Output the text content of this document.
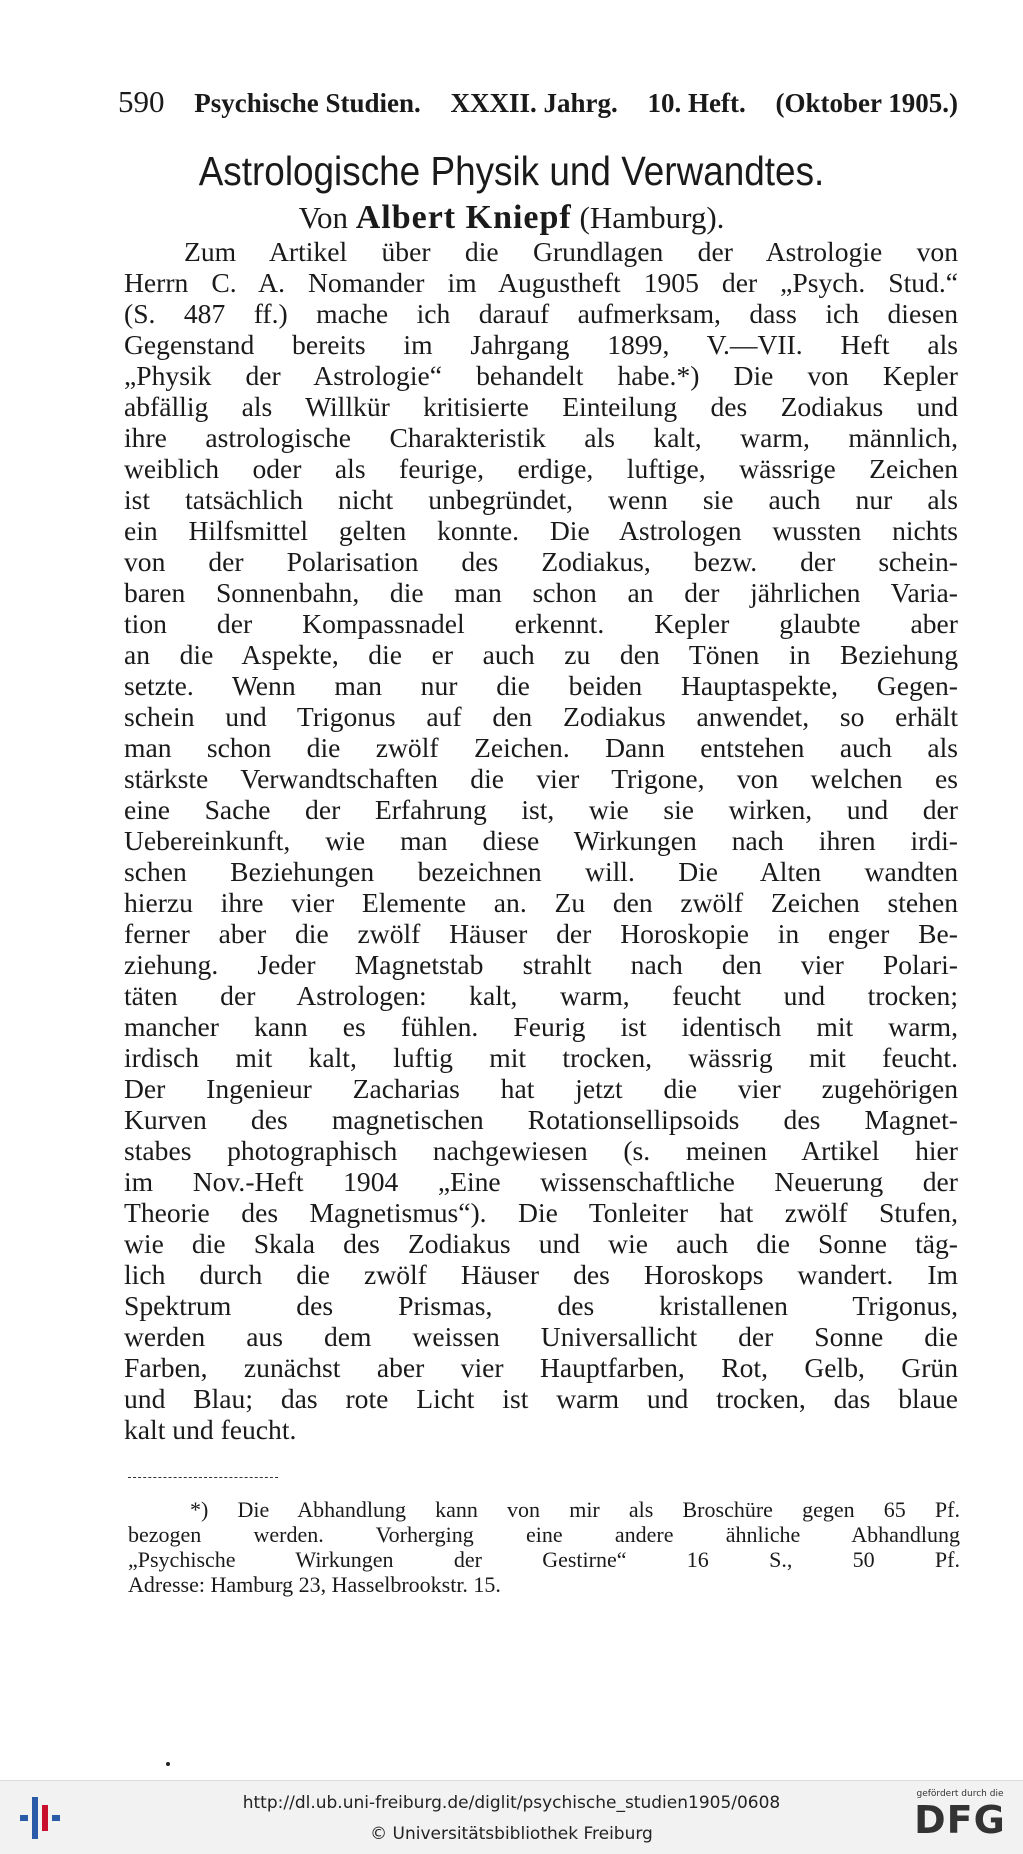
590 Psychische Studien. XXXII. Jahrg. 10. Heft. (Oktober 1905.)
Astrologische Physik und Verwandtes.
Von Albert Kniepf (Hamburg).
Zum Artikel über die Grundlagen der Astrologie von
Herrn C. A. Nomander im Augustheft 1905 der „Psych. Stud.“
(S. 487 ff.) mache ich darauf aufmerksam, dass ich diesen
Gegenstand bereits im Jahrgang 1899, V.—VII. Heft als
„Physik der Astrologie“ behandelt habe.*) Die von Kepler
abfällig als Willkür kritisierte Einteilung des Zodiakus und
ihre astrologische Charakteristik als kalt, warm, männlich,
weiblich oder als feurige, erdige, luftige, wässrige Zeichen
ist tatsächlich nicht unbegründet, wenn sie auch nur als
ein Hilfsmittel gelten konnte. Die Astrologen wussten nichts
von der Polarisation des Zodiakus, bezw. der schein-
baren Sonnenbahn, die man schon an der jährlichen Varia-
tion der Kompassnadel erkennt. Kepler glaubte aber
an die Aspekte, die er auch zu den Tönen in Beziehung
setzte. Wenn man nur die beiden Hauptaspekte, Gegen-
schein und Trigonus auf den Zodiakus anwendet, so erhält
man schon die zwölf Zeichen. Dann entstehen auch als
stärkste Verwandtschaften die vier Trigone, von welchen es
eine Sache der Erfahrung ist, wie sie wirken, und der
Uebereinkunft, wie man diese Wirkungen nach ihren irdi-
schen Beziehungen bezeichnen will. Die Alten wandten
hierzu ihre vier Elemente an. Zu den zwölf Zeichen stehen
ferner aber die zwölf Häuser der Horoskopie in enger Be-
ziehung. Jeder Magnetstab strahlt nach den vier Polari-
täten der Astrologen: kalt, warm, feucht und trocken;
mancher kann es fühlen. Feurig ist identisch mit warm,
irdisch mit kalt, luftig mit trocken, wässrig mit feucht.
Der Ingenieur Zacharias hat jetzt die vier zugehörigen
Kurven des magnetischen Rotationsellipsoids des Magnet-
stabes photographisch nachgewiesen (s. meinen Artikel hier
im Nov.-Heft 1904 „Eine wissenschaftliche Neuerung der
Theorie des Magnetismus“). Die Tonleiter hat zwölf Stufen,
wie die Skala des Zodiakus und wie auch die Sonne täg-
lich durch die zwölf Häuser des Horoskops wandert. Im
Spektrum des Prismas, des kristallenen Trigonus,
werden aus dem weissen Universallicht der Sonne die
Farben, zunächst aber vier Hauptfarben, Rot, Gelb, Grün
und Blau; das rote Licht ist warm und trocken, das blaue
kalt und feucht.
*) Die Abhandlung kann von mir als Broschüre gegen 65 Pf.
bezogen werden. Vorherging eine andere ähnliche Abhandlung
„Psychische Wirkungen der Gestirne“ 16 S., 50 Pf.
Adresse: Hamburg 23, Hasselbrookstr. 15.
http://dl.ub.uni-freiburg.de/diglit/psychische_studien1905/0608
© Universitätsbibliothek Freiburg
gefördert durch die
DFG
